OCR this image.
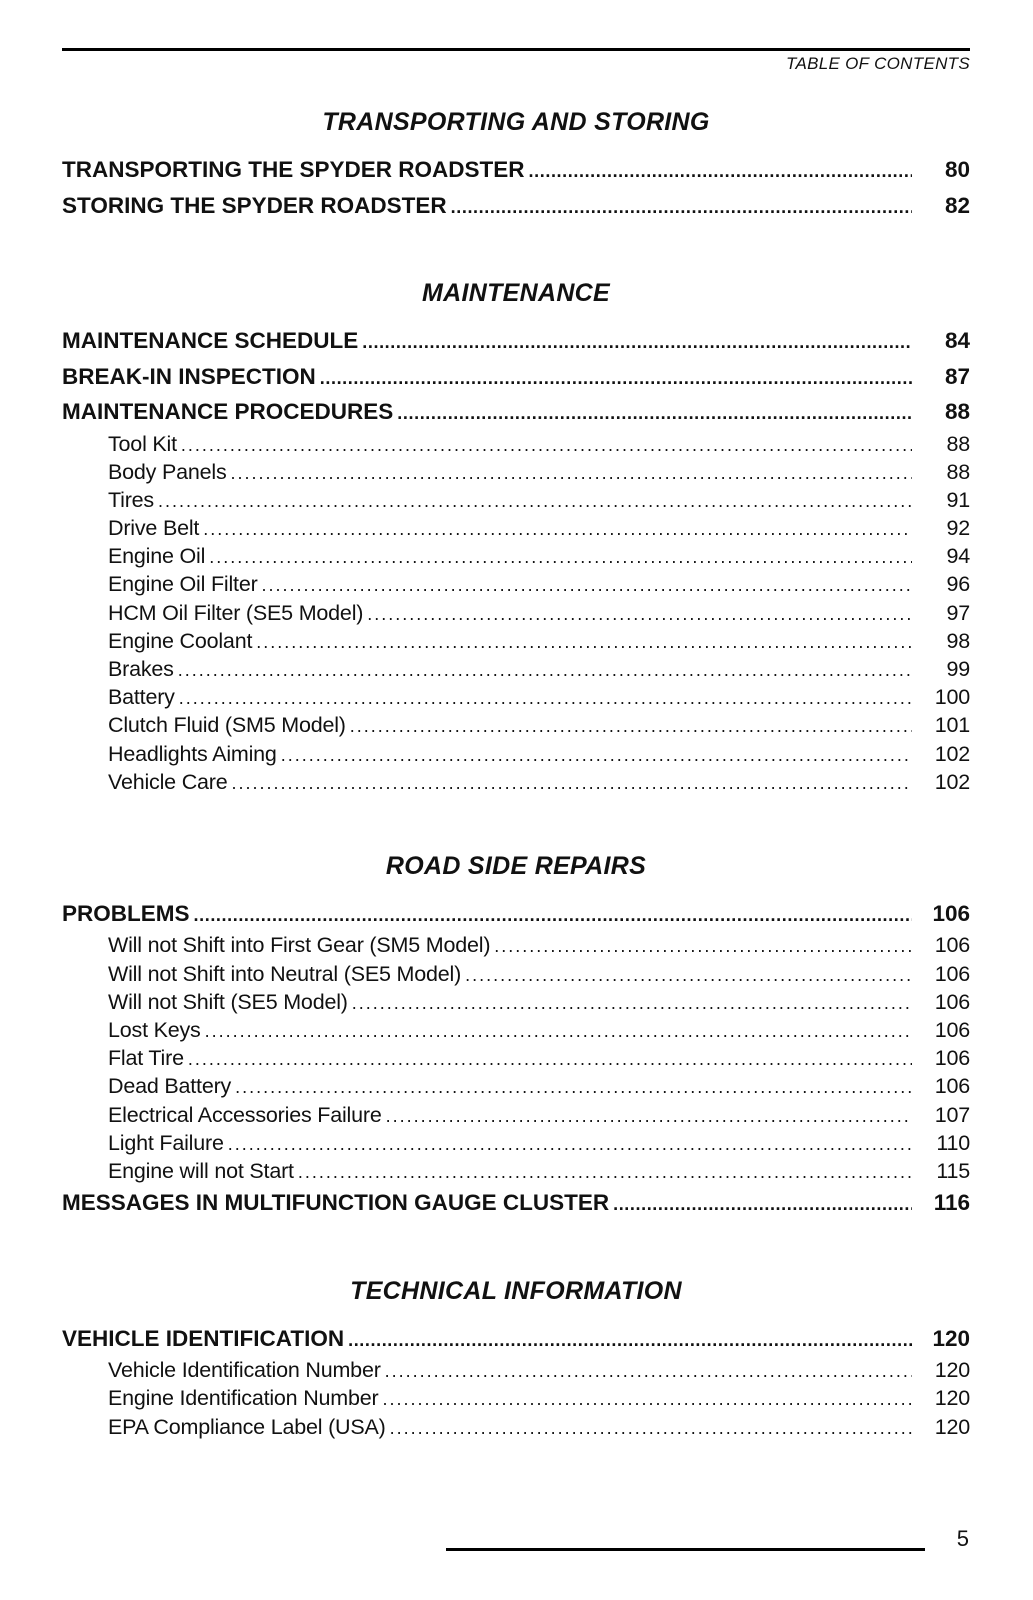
TABLE OF CONTENTS
TRANSPORTING AND STORING
TRANSPORTING THE SPYDER ROADSTER . . .	80
STORING THE SPYDER ROADSTER . . .	82
MAINTENANCE
MAINTENANCE SCHEDULE . . .	84
BREAK-IN INSPECTION . . .	87
MAINTENANCE PROCEDURES . . .	88
Tool Kit . . .	88
Body Panels . . .	88
Tires . . .	91
Drive Belt . . .	92
Engine Oil . . .	94
Engine Oil Filter . . .	96
HCM Oil Filter (SE5 Model) . . .	97
Engine Coolant . . .	98
Brakes . . .	99
Battery . . .	100
Clutch Fluid (SM5 Model) . . .	101
Headlights Aiming . . .	102
Vehicle Care . . .	102
ROAD SIDE REPAIRS
PROBLEMS . . .	106
Will not Shift into First Gear (SM5 Model) . . .	106
Will not Shift into Neutral (SE5 Model) . . .	106
Will not Shift (SE5 Model) . . .	106
Lost Keys . . .	106
Flat Tire . . .	106
Dead Battery . . .	106
Electrical Accessories Failure . . .	107
Light Failure . . .	110
Engine will not Start . . .	115
MESSAGES IN MULTIFUNCTION GAUGE CLUSTER . . .	116
TECHNICAL INFORMATION
VEHICLE IDENTIFICATION . . .	120
Vehicle Identification Number . . .	120
Engine Identification Number . . .	120
EPA Compliance Label (USA) . . .	120
5
